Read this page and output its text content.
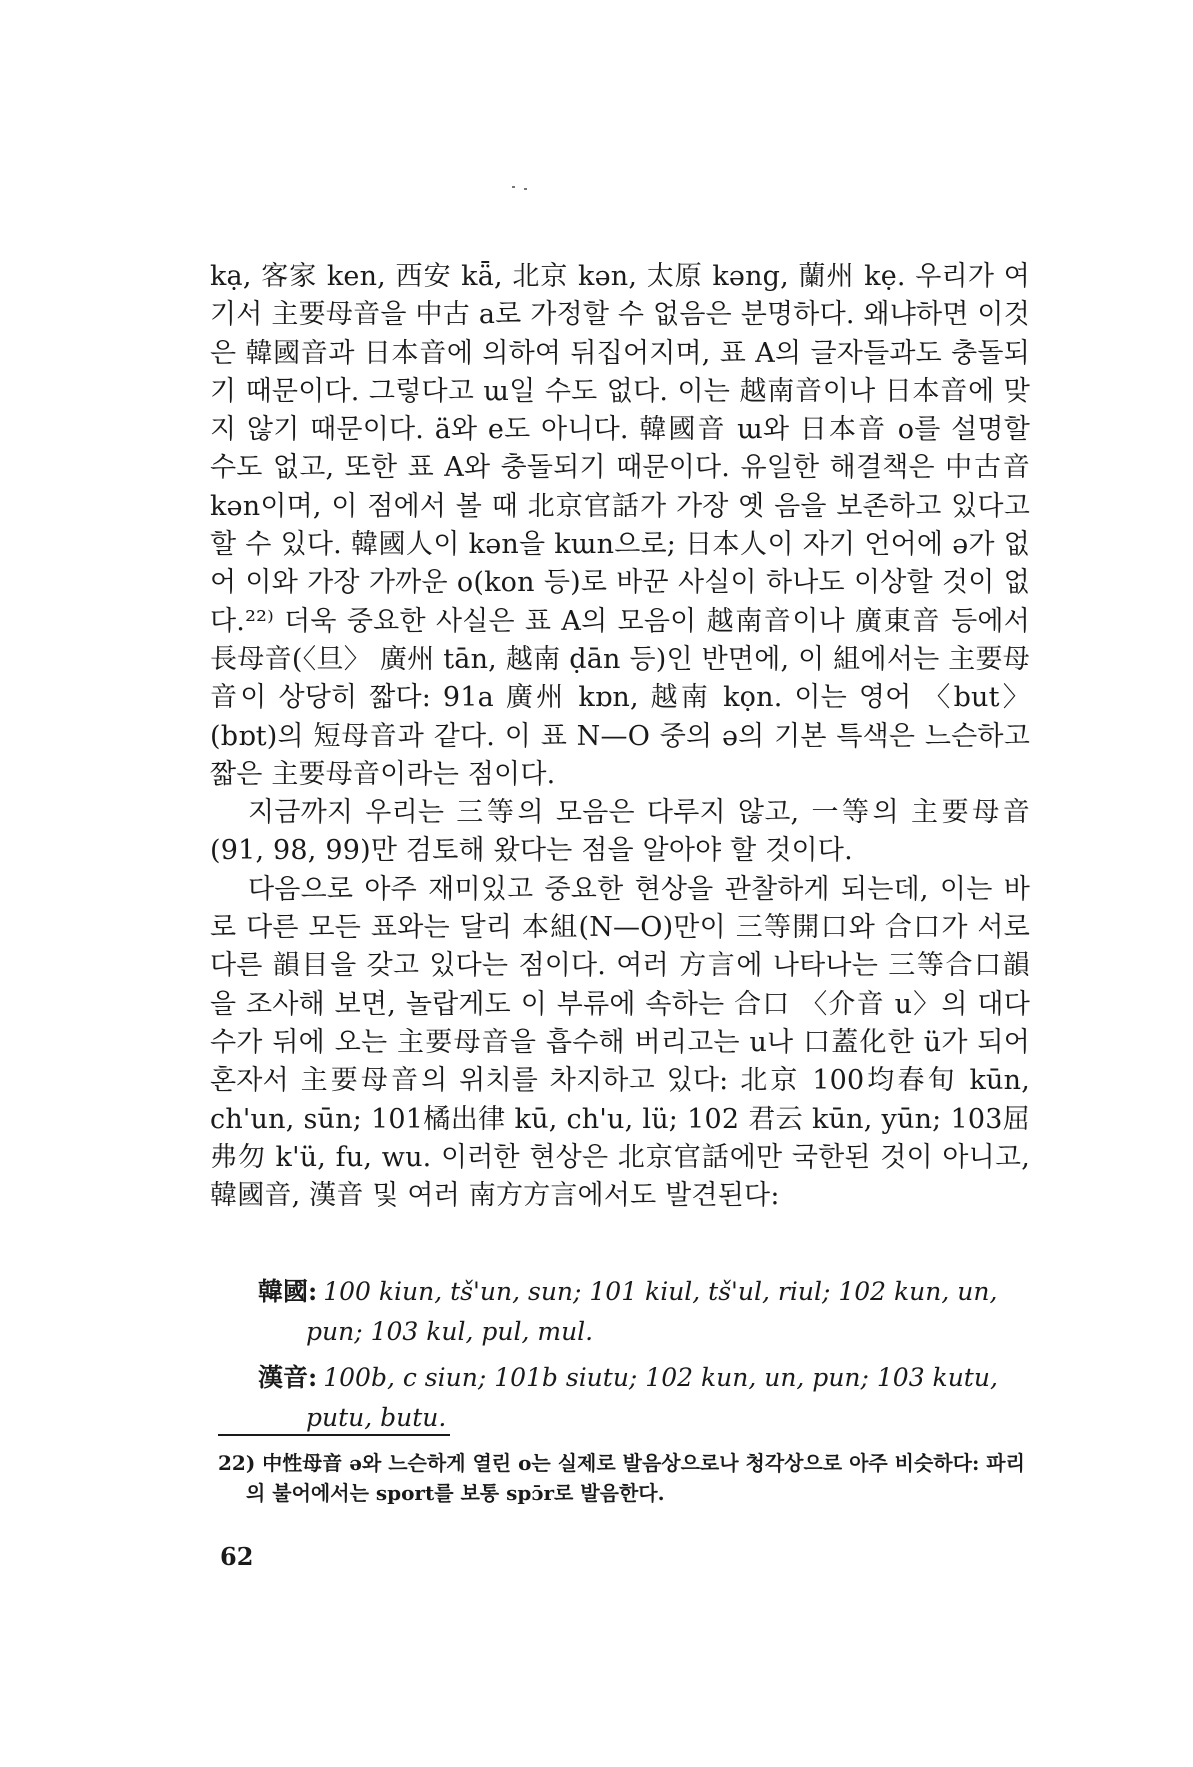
kạ, 客家 ken, 西安 kǟ, 北京 kən, 太原 kəng, 蘭州 kẹ. 우리가 여기서 主要母音을 中古 a로 가정할 수 없음은 분명하다. 왜냐하면 이것은 韓國音과 日本音에 의하여 뒤집어지며, 표 A의 글자들과도 충돌되기 때문이다. 그렇다고 ɯ일 수도 없다. 이는 越南音이나 日本音에 맞지 않기 때문이다. ä와 e도 아니다. 韓國音 ɯ와 日本音 o를 설명할 수도 없고, 또한 표 A와 충돌되기 때문이다. 유일한 해결책은 中古音 kən이며, 이 점에서 볼 때 北京官話가 가장 옛 음을 보존하고 있다고 할 수 있다. 韓國人이 kən을 kɯn으로; 日本人이 자기 언어에 ə가 없어 이와 가장 가까운 o(kon 등)로 바꾼 사실이 하나도 이상할 것이 없다.²²⁾ 더욱 중요한 사실은 표 A의 모음이 越南音이나 廣東音 등에서 長母音(〈旦〉 廣州 tān, 越南 ḍān 등)인 반면에, 이 組에서는 主要母音이 상당히 짧다: 91a 廣州 kɒn, 越南 kọn. 이는 영어 〈but〉(bɒt)의 短母音과 같다. 이 표 N—O 중의 ə의 기본 특색은 느슨하고 짧은 主要母音이라는 점이다.

지금까지 우리는 三等의 모음은 다루지 않고, 一等의 主要母音(91, 98, 99)만 검토해 왔다는 점을 알아야 할 것이다.

다음으로 아주 재미있고 중요한 현상을 관찰하게 되는데, 이는 바로 다른 모든 표와는 달리 本組(N—O)만이 三等開口와 合口가 서로 다른 韻目을 갖고 있다는 점이다. 여러 方言에 나타나는 三等合口韻을 조사해 보면, 놀랍게도 이 부류에 속하는 合口 〈介音 u〉의 대다수가 뒤에 오는 主要母音을 흡수해 버리고는 u나 口蓋化한 ü가 되어 혼자서 主要母音의 위치를 차지하고 있다: 北京 100均春旬 kūn, ch'un, sūn; 101橘出律 kū, ch'u, lü; 102 君云 kūn, yūn; 103屈弗勿 k'ü, fu, wu. 이러한 현상은 北京官話에만 국한된 것이 아니고, 韓國音, 漢音 및 여러 南方方言에서도 발견된다:

韓國: 100 kiun, tš'un, sun; 101 kiul, tš'ul, riul; 102 kun, un, pun; 103 kul, pul, mul.

漢音: 100b, c siun; 101b siutu; 102 kun, un, pun; 103 kutu, putu, butu.

22) 中性母音 ə와 느슨하게 열린 o는 실제로 발음상으로나 청각상으로 아주 비슷하다: 파리의 불어에서는 sport를 보통 spɔ̄r로 발음한다.
62
